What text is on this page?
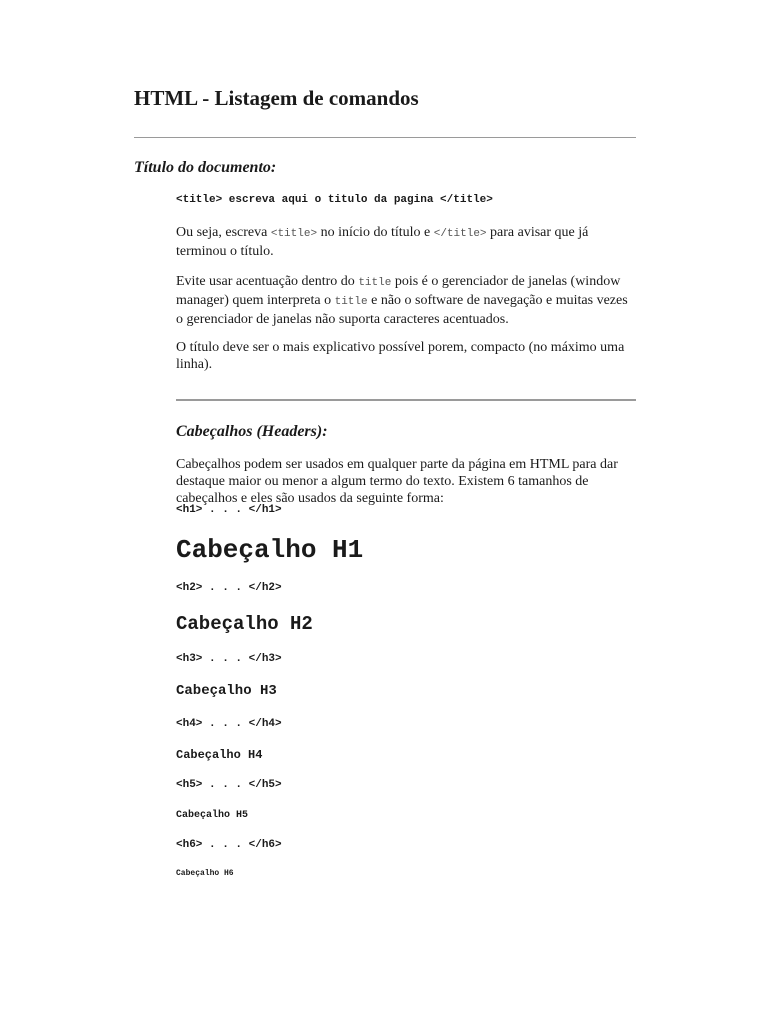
HTML - Listagem de comandos
Título do documento:
<title> escreva aqui o titulo da pagina </title>

Ou seja, escreva <title> no início do título e </title> para avisar que já terminou o título.

Evite usar acentuação dentro do title pois é o gerenciador de janelas (window manager) quem interpreta o title e não o software de navegação e muitas vezes o gerenciador de janelas não suporta caracteres acentuados.

O título deve ser o mais explicativo possível porem, compacto (no máximo uma linha).

Cabeçalhos (Headers):

Cabeçalhos podem ser usados em qualquer parte da página em HTML para dar destaque maior ou menor a algum termo do texto. Existem 6 tamanhos de cabeçalhos e eles são usados da seguinte forma:

<h1> . . . </h1>
Cabeçalho H1
<h2> . . . </h2>
Cabeçalho H2
<h3> . . . </h3>
Cabeçalho H3
<h4> . . . </h4>
Cabeçalho H4
<h5> . . . </h5>
Cabeçalho H5
<h6> . . . </h6>
Cabeçalho H6
